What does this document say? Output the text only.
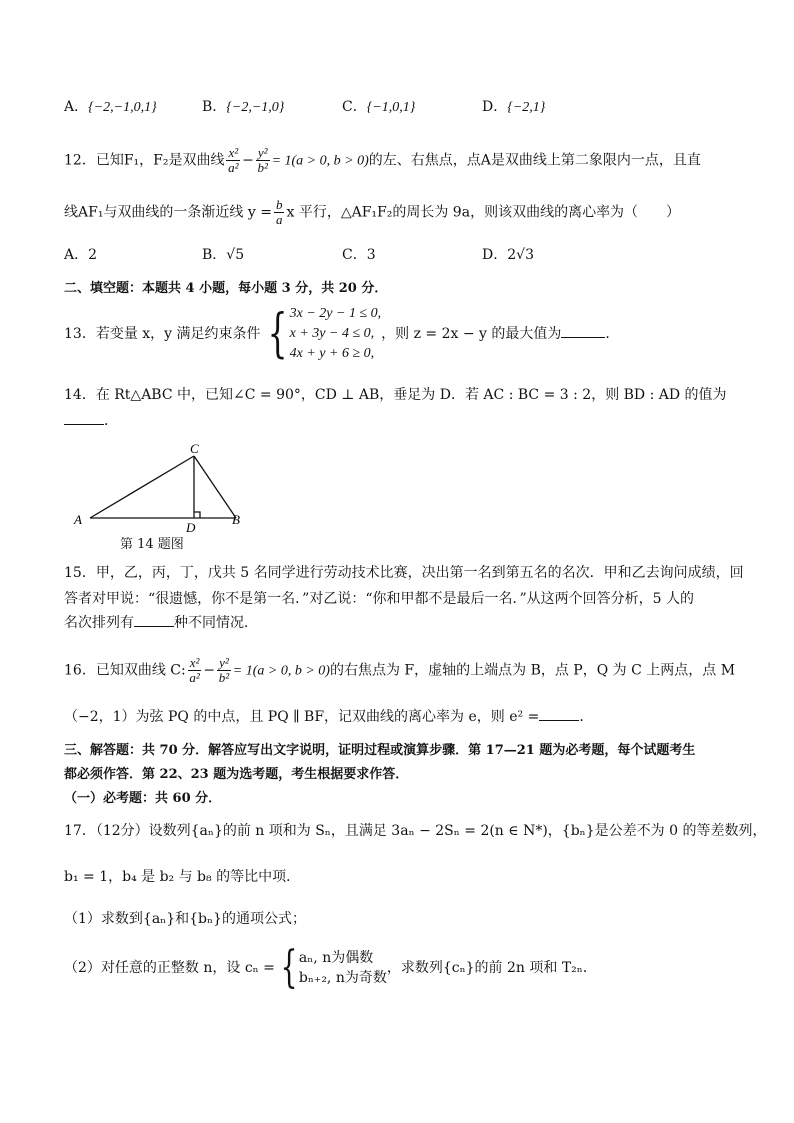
A．{−2,−1,0,1}	B．{−2,−1,0}	C．{−1,0,1}	D．{−2,1}
12．已知F₁，F₂是双曲线 $\frac{\text{x²}}{\text{a²}} - \frac{\text{y²}}{\text{b²}} = 1(a > 0$, b > 0)的左、右焦点，点A是双曲线上第二象限内一点，且直
线AF₁与双曲线的一条渐近线 $y = \frac{b}{a}$ x 平行，△AF₁F₂的周长为 9a，则该双曲线的离心率为（　　）
A．2	B．√5	C．3	D．2√3
二、填空题：本题共 4 小题，每小题 3 分，共 20 分．
13．若变量 x，y 满足约束条件 { 3x − 2y − 1 ≤ 0,
x + 3y − 4 ≤ 0,
4x + y + 6 ≥ 0,
，则 z = 2x − y 的最大值为	．
14．在 Rt△ABC 中，已知∠C = 90°，CD ⊥ AB，垂足为 D．若 AC : BC = 3 : 2，则 BD : AD 的值为
．
C
A	B
D
第 14 题图
15．甲，乙，丙，丁，戊共 5 名同学进行劳动技术比赛，决出第一名到第五名的名次．甲和乙去询问成绩，回
答者对甲说：“很遗憾，你不是第一名．”对乙说：“你和甲都不是最后一名．”从这两个回答分析，5 人的
名次排列有	种不同情况．
16．已知双曲线 C: $\frac{\text{x²}}{\text{a²}} - \frac{\text{y²}}{\text{b²}} = 1(a > 0$, b > 0)的右焦点为 F，虚轴的上端点为 B，点 P，Q 为 C 上两点，点 M
（−2，1）为弦 PQ 的中点，且 PQ ∥ BF，记双曲线的离心率为 e，则 e² =	．
三、解答题：共 70 分．解答应写出文字说明，证明过程或演算步骤．第 17—21 题为必考题，每个试题考生
都必须作答．第 22、23 题为选考题，考生根据要求作答．
（一）必考题：共 60 分．
17．（12分）设数列{aₙ}的前 n 项和为 Sₙ，且满足 3aₙ − 2Sₙ = 2(n ∈ N*)，{bₙ}是公差不为 0 的等差数列，
b₁ = 1，b₄ 是 b₂ 与 b₈ 的等比中项．
（1）求数到{aₙ}和{bₙ}的通项公式；
（2）对任意的正整数 n，设 cₙ = { aₙ, n为偶数
bₙ₊₂, n为奇数
，求数列{cₙ}的前 2n 项和 T₂ₙ．
